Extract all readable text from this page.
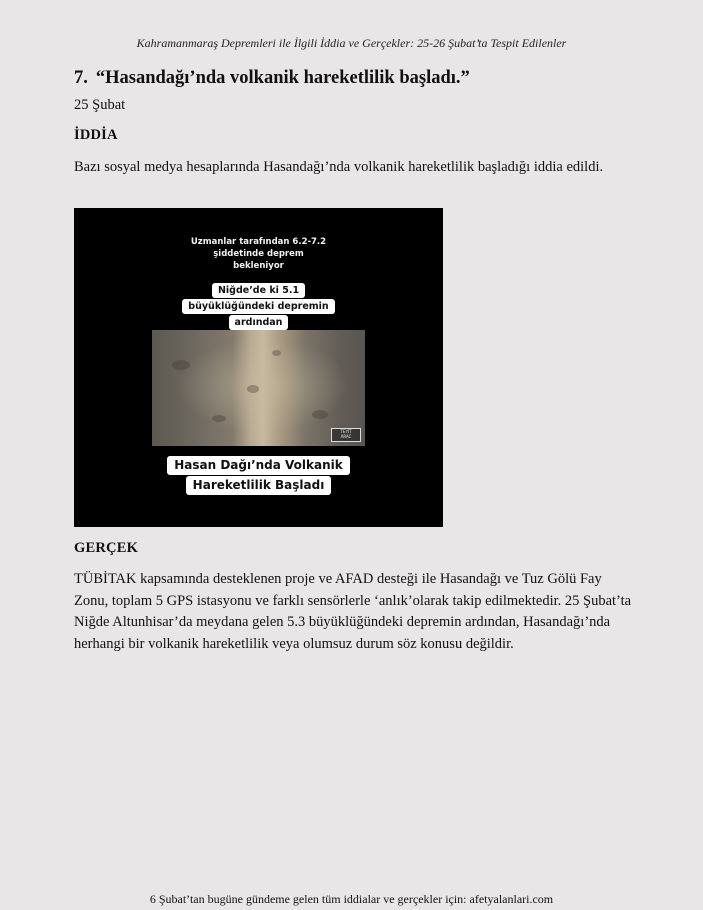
Kahramanmaraş Depremleri ile İlgili İddia ve Gerçekler: 25-26 Şubat’ta Tespit Edilenler
7. “Hasandağı’nda volkanik hareketlilik başladı.”
25 Şubat
İDDİA

Bazı sosyal medya hesaplarında Hasandağı’nda volkanik hareketlilik başladığı iddia edildi.

Uzmanlar tarafından 6.2-7.2
şiddetinde deprem
bekleniyor
Niğde’de ki 5.1
büyüklüğündeki depremin
ardından
TEYİT
ARAC
Hasan Dağı’nda Volkanik
Hareketlilik Başladı
GERÇEK

TÜBİTAK kapsamında desteklenen proje ve AFAD desteği ile Hasandağı ve Tuz Gölü Fay Zonu, toplam 5 GPS istasyonu ve farklı sensörlerle ‘anlık’olarak takip edilmektedir. 25 Şubat’ta Niğde Altunhisar’da meydana gelen 5.3 büyüklüğündeki depremin ardından, Hasandağı’nda herhangi bir volkanik hareketlilik veya olumsuz durum söz konusu değildir.

6 Şubat’tan bugüne gündeme gelen tüm iddialar ve gerçekler için: afetyalanlari.com
